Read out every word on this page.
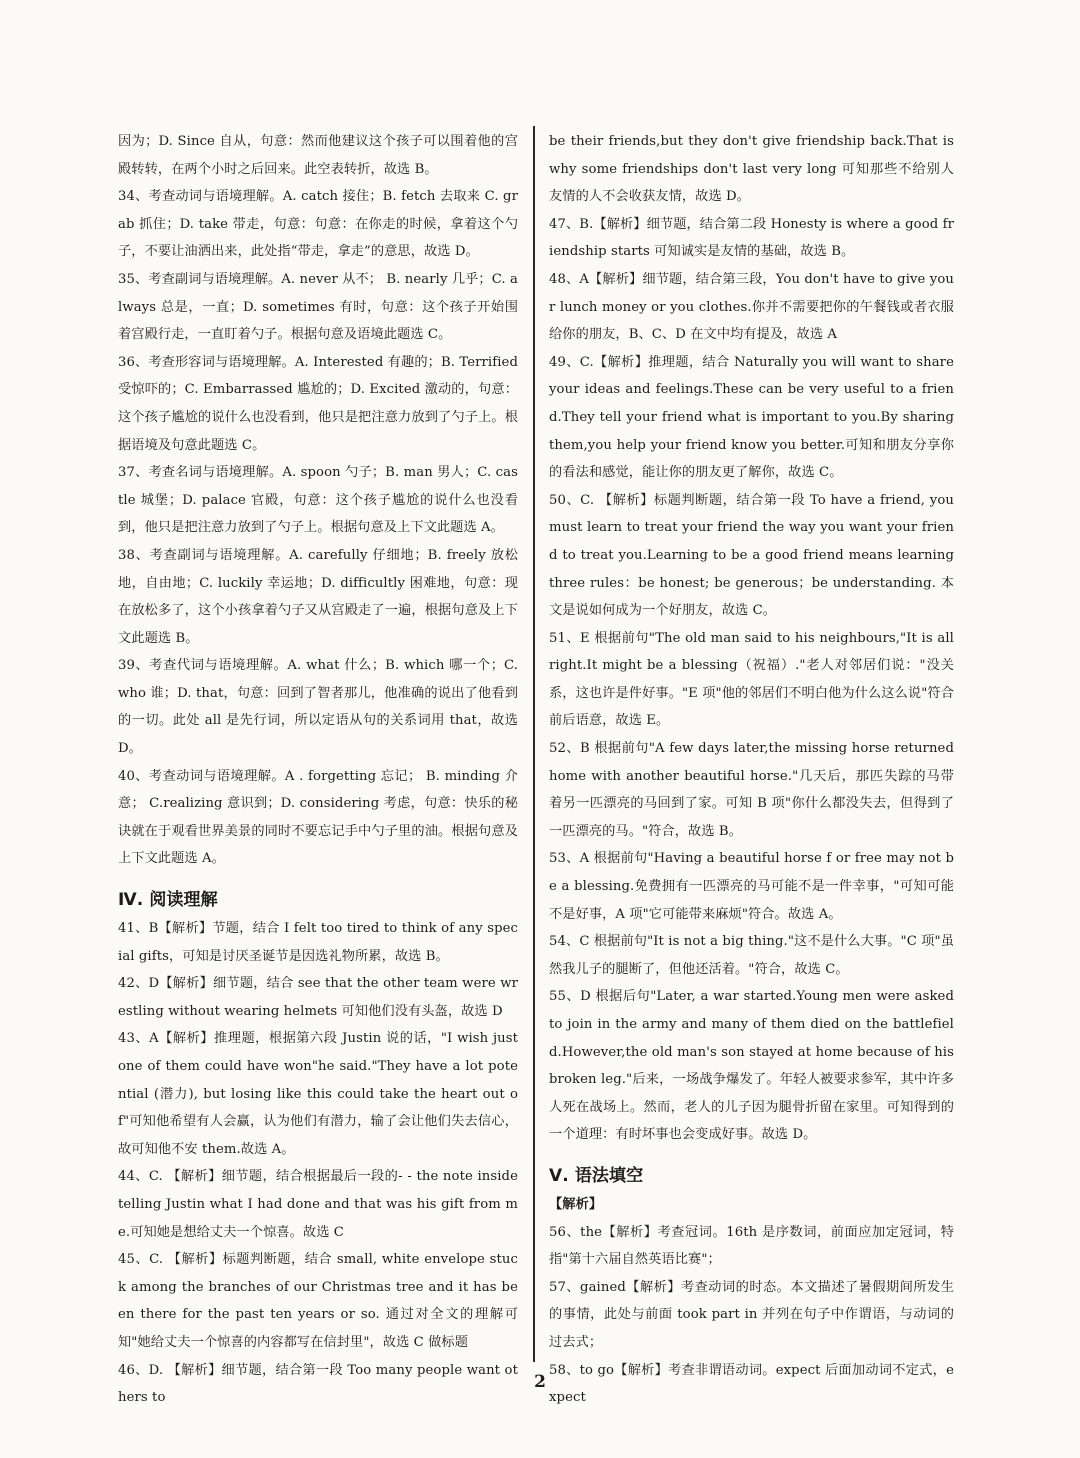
因为；D. Since 自从，句意：然而他建议这个孩子可以围着他的宫殿转转，在两个小时之后回来。此空表转折，故选 B。

34、考查动词与语境理解。A. catch 接住；B. fetch 去取来 C. grab 抓住；D. take 带走，句意：句意：在你走的时候，拿着这个勺子，不要让油洒出来，此处指“带走，拿走”的意思，故选 D。

35、考查副词与语境理解。A. never 从不； B. nearly 几乎；C. always 总是，一直；D. sometimes 有时，句意：这个孩子开始围着宫殿行走，一直盯着勺子。根据句意及语境此题选 C。

36、考查形容词与语境理解。A. Interested 有趣的；B. Terrified 受惊吓的；C. Embarrassed 尴尬的；D. Excited 激动的，句意：这个孩子尴尬的说什么也没看到，他只是把注意力放到了勺子上。根据语境及句意此题选 C。

37、考查名词与语境理解。A. spoon 勺子；B. man 男人；C. castle 城堡；D. palace 官殿，句意：这个孩子尴尬的说什么也没看到，他只是把注意力放到了勺子上。根据句意及上下文此题选 A。

38、考查副词与语境理解。A. carefully 仔细地；B. freely 放松地，自由地；C. luckily 幸运地；D. difficultly 困难地，句意：现在放松多了，这个小孩拿着勺子又从宫殿走了一遍，根据句意及上下文此题选 B。

39、考查代词与语境理解。A. what 什么；B. which 哪一个；C. who 谁；D. that，句意：回到了智者那儿，他准确的说出了他看到的一切。此处 all 是先行词，所以定语从句的关系词用 that，故选 D。

40、考查动词与语境理解。A . forgetting 忘记； B. minding 介意； C.realizing 意识到；D. considering 考虑，句意：快乐的秘诀就在于观看世界美景的同时不要忘记手中勺子里的油。根据句意及上下文此题选 A。

Ⅳ. 阅读理解

41、B【解析】节题，结合 I felt too tired to think of any special gifts，可知是讨厌圣诞节是因选礼物所累，故选 B。

42、D【解析】细节题，结合 see that the other team were wrestling without wearing helmets 可知他们没有头盔，故选 D

43、A【解析】推理题，根据第六段 Justin 说的话，"I wish just one of them could have won"he said."They have a lot potential (潜力), but losing like this could take the heart out of"可知他希望有人会赢，认为他们有潜力，输了会让他们失去信心，故可知他不安 them.故选 A。

44、C. 【解析】细节题，结合根据最后一段的- - the note inside telling Justin what I had done and that was his gift from me.可知她是想给丈夫一个惊喜。故选 C

45、C. 【解析】标题判断题，结合 small, white envelope stuck among the branches of our Christmas tree and it has been there for the past ten years or so. 通过对全文的理解可知"她给丈夫一个惊喜的内容都写在信封里"，故选 C 做标题

46、D. 【解析】细节题，结合第一段 Too many people want others to

be their friends,but they don't give friendship back.That is why some friendships don't last very long 可知那些不给别人友情的人不会收获友情，故选 D。

47、B.【解析】细节题，结合第二段 Honesty is where a good friendship starts 可知诚实是友情的基础，故选 B。

48、A【解析】细节题，结合第三段，You don't have to give your lunch money or you clothes.你并不需要把你的午餐钱或者衣服给你的朋友，B、C、D 在文中均有提及，故选 A

49、C.【解析】推理题，结合 Naturally you will want to share your ideas and feelings.These can be very useful to a friend.They tell your friend what is important to you.By sharing them,you help your friend know you better.可知和朋友分享你的看法和感觉，能让你的朋友更了解你，故选 C。

50、C. 【解析】标题判断题，结合第一段 To have a friend, you must learn to treat your friend the way you want your friend to treat you.Learning to be a good friend means learning three rules：be honest; be generous；be understanding. 本文是说如何成为一个好朋友，故选 C。

51、E 根据前句"The old man said to his neighbours,"It is all right.It might be a blessing（祝福）."老人对邻居们说："没关系，这也许是件好事。"E 项"他的邻居们不明白他为什么这么说"符合前后语意，故选 E。

52、B 根据前句"A few days later,the missing horse returned home with another beautiful horse."几天后，那匹失踪的马带着另一匹漂亮的马回到了家。可知 B 项"你什么都没失去，但得到了一匹漂亮的马。"符合，故选 B。

53、A 根据前句"Having a beautiful horse f or free may not be a blessing.免费拥有一匹漂亮的马可能不是一件幸事，"可知可能不是好事，A 项"它可能带来麻烦"符合。故选 A。

54、C 根据前句"It is not a big thing."这不是什么大事。"C 项"虽然我儿子的腿断了，但他还活着。"符合，故选 C。

55、D 根据后句"Later, a war started.Young men were asked to join in the army and many of them died on the battlefield.However,the old man's son stayed at home because of his broken leg."后来，一场战争爆发了。年轻人被要求参军，其中许多人死在战场上。然而，老人的儿子因为腿骨折留在家里。可知得到的一个道理：有时坏事也会变成好事。故选 D。

Ⅴ. 语法填空

【解析】

56、the【解析】考查冠词。16th 是序数词，前面应加定冠词，特指"第十六届自然英语比赛"；

57、gained【解析】考查动词的时态。本文描述了暑假期间所发生的事情，此处与前面 took part in 并列在句子中作谓语，与动词的过去式；

58、to go【解析】考查非谓语动词。expect 后面加动词不定式，expect

2
